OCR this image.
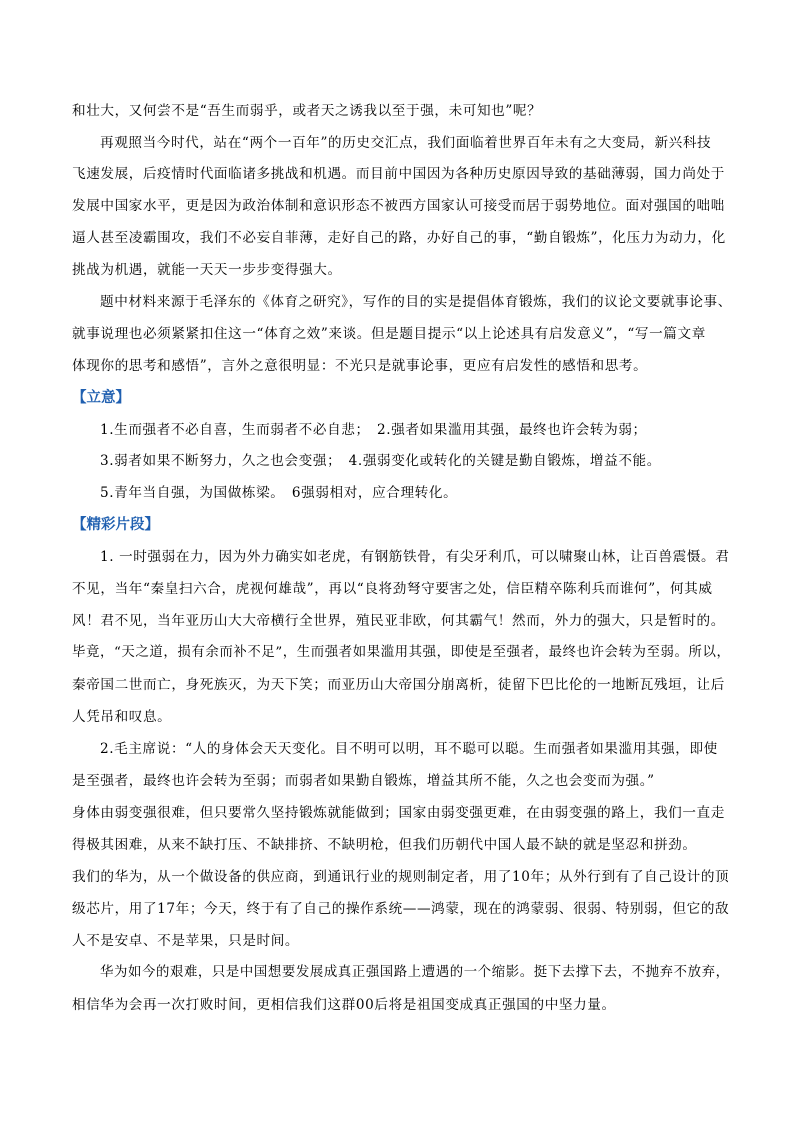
和壮大，又何尝不是“吾生而弱乎，或者天之诱我以至于强，未可知也”呢？
再观照当今时代，站在“两个一百年”的历史交汇点，我们面临着世界百年未有之大变局，新兴科技
飞速发展，后疫情时代面临诸多挑战和机遇。而目前中国因为各种历史原因导致的基础薄弱，国力尚处于
发展中国家水平，更是因为政治体制和意识形态不被西方国家认可接受而居于弱势地位。面对强国的咄咄
逼人甚至凌霸围攻，我们不必妄自菲薄，走好自己的路，办好自己的事，“勤自锻炼”，化压力为动力，化
挑战为机遇，就能一天天一步步变得强大。
题中材料来源于毛泽东的《体育之研究》，写作的目的实是提倡体育锻炼，我们的议论文要就事论事、
就事说理也必须紧紧扣住这一“体育之效”来谈。但是题目提示“以上论述具有启发意义”，“写一篇文章
体现你的思考和感悟”，言外之意很明显：不光只是就事论事，更应有启发性的感悟和思考。
【立意】
1.生而强者不必自喜，生而弱者不必自悲；　2.强者如果滥用其强，最终也许会转为弱；
3.弱者如果不断努力，久之也会变强；　4.强弱变化或转化的关键是勤自锻炼，增益不能。
5.青年当自强，为国做栋梁。　6强弱相对，应合理转化。
【精彩片段】
1. 一时强弱在力，因为外力确实如老虎，有钢筋铁骨，有尖牙利爪，可以啸聚山林，让百兽震慑。君
不见，当年“秦皇扫六合，虎视何雄哉”，再以“良将劲弩守要害之处，信臣精卒陈利兵而谁何”，何其威
风！君不见，当年亚历山大大帝横行全世界，殖民亚非欧，何其霸气！然而，外力的强大，只是暂时的。
毕竟，“天之道，损有余而补不足”，生而强者如果滥用其强，即使是至强者，最终也许会转为至弱。所以，
秦帝国二世而亡，身死族灭，为天下笑；而亚历山大帝国分崩离析，徒留下巴比伦的一地断瓦残垣，让后
人凭吊和叹息。
2.毛主席说：“人的身体会天天变化。目不明可以明，耳不聪可以聪。生而强者如果滥用其强，即使
是至强者，最终也许会转为至弱；而弱者如果勤自锻炼，增益其所不能，久之也会变而为强。”
身体由弱变强很难，但只要常久坚持锻炼就能做到；国家由弱变强更难，在由弱变强的路上，我们一直走
得极其困难，从来不缺打压、不缺排挤、不缺明枪，但我们历朝代中国人最不缺的就是坚忍和拼劲。
我们的华为，从一个做设备的供应商，到通讯行业的规则制定者，用了10年；从外行到有了自己设计的顶
级芯片，用了17年；今天，终于有了自己的操作系统——鸿蒙，现在的鸿蒙弱、很弱、特别弱，但它的敌
人不是安卓、不是苹果，只是时间。
华为如今的艰难，只是中国想要发展成真正强国路上遭遇的一个缩影。挺下去撑下去，不抛弃不放弃，
相信华为会再一次打败时间，更相信我们这群00后将是祖国变成真正强国的中坚力量。
